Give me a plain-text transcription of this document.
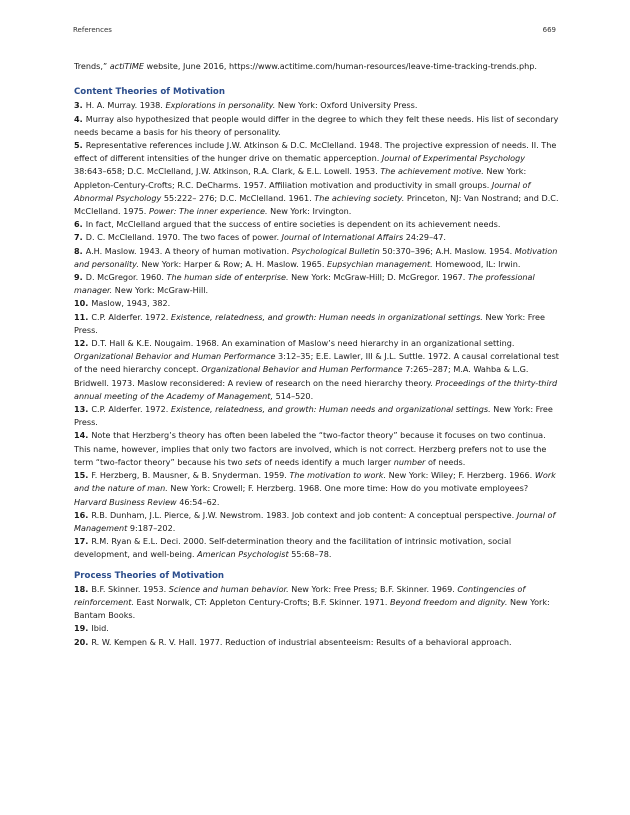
References	669

Trends,” actiTIME website, June 2016, https://www.actitime.com/human-resources/leave-time-tracking-trends.php.

Content Theories of Motivation

3. H. A. Murray. 1938. Explorations in personality. New York: Oxford University Press.

4. Murray also hypothesized that people would differ in the degree to which they felt these needs. His list of secondary needs became a basis for his theory of personality.

5. Representative references include J.W. Atkinson & D.C. McClelland. 1948. The projective expression of needs. II. The effect of different intensities of the hunger drive on thematic apperception. Journal of Experimental Psychology 38:643–658; D.C. McClelland, J.W. Atkinson, R.A. Clark, & E.L. Lowell. 1953. The achievement motive. New York: Appleton-Century-Crofts; R.C. DeCharms. 1957. Affiliation motivation and productivity in small groups. Journal of Abnormal Psychology 55:222– 276; D.C. McClelland. 1961. The achieving society. Princeton, NJ: Van Nostrand; and D.C. McClelland. 1975. Power: The inner experience. New York: Irvington.

6. In fact, McClelland argued that the success of entire societies is dependent on its achievement needs.

7. D. C. McClelland. 1970. The two faces of power. Journal of International Affairs 24:29–47.

8. A.H. Maslow. 1943. A theory of human motivation. Psychological Bulletin 50:370–396; A.H. Maslow. 1954. Motivation and personality. New York: Harper & Row; A. H. Maslow. 1965. Eupsychian management. Homewood, IL: Irwin.

9. D. McGregor. 1960. The human side of enterprise. New York: McGraw-Hill; D. McGregor. 1967. The professional manager. New York: McGraw-Hill.

10. Maslow, 1943, 382.

11. C.P. Alderfer. 1972. Existence, relatedness, and growth: Human needs in organizational settings. New York: Free Press.

12. D.T. Hall & K.E. Nougaim. 1968. An examination of Maslow’s need hierarchy in an organizational setting. Organizational Behavior and Human Performance 3:12–35; E.E. Lawler, III & J.L. Suttle. 1972. A causal correlational test of the need hierarchy concept. Organizational Behavior and Human Performance 7:265–287; M.A. Wahba & L.G. Bridwell. 1973. Maslow reconsidered: A review of research on the need hierarchy theory. Proceedings of the thirty-third annual meeting of the Academy of Management, 514–520.

13. C.P. Alderfer. 1972. Existence, relatedness, and growth: Human needs and organizational settings. New York: Free Press.

14. Note that Herzberg’s theory has often been labeled the “two-factor theory” because it focuses on two continua. This name, however, implies that only two factors are involved, which is not correct. Herzberg prefers not to use the term “two-factor theory” because his two sets of needs identify a much larger number of needs.

15. F. Herzberg, B. Mausner, & B. Snyderman. 1959. The motivation to work. New York: Wiley; F. Herzberg. 1966. Work and the nature of man. New York: Crowell; F. Herzberg. 1968. One more time: How do you motivate employees? Harvard Business Review 46:54–62.

16. R.B. Dunham, J.L. Pierce, & J.W. Newstrom. 1983. Job context and job content: A conceptual perspective. Journal of Management 9:187–202.

17. R.M. Ryan & E.L. Deci. 2000. Self-determination theory and the facilitation of intrinsic motivation, social development, and well-being. American Psychologist 55:68–78.

Process Theories of Motivation

18. B.F. Skinner. 1953. Science and human behavior. New York: Free Press; B.F. Skinner. 1969. Contingencies of reinforcement. East Norwalk, CT: Appleton Century-Crofts; B.F. Skinner. 1971. Beyond freedom and dignity. New York: Bantam Books.

19. Ibid.

20. R. W. Kempen & R. V. Hall. 1977. Reduction of industrial absenteeism: Results of a behavioral approach.
